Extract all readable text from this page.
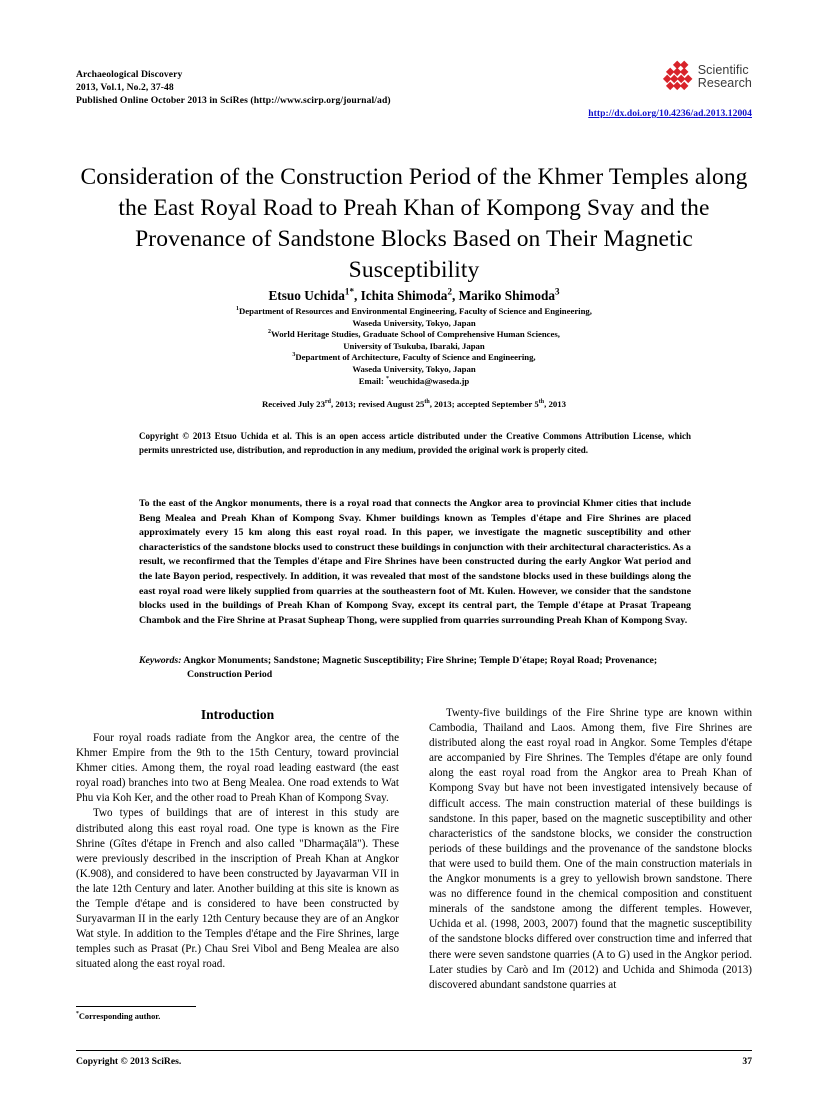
Archaeological Discovery
2013, Vol.1, No.2, 37-48
Published Online October 2013 in SciRes (http://www.scirp.org/journal/ad)
Scientific
Research
http://dx.doi.org/10.4236/ad.2013.12004
Consideration of the Construction Period of the Khmer Temples along the East Royal Road to Preah Khan of Kompong Svay and the Provenance of Sandstone Blocks Based on Their Magnetic Susceptibility
Etsuo Uchida$^{1*}$, Ichita Shimoda$^2$, Mariko Shimoda$^3$
$^1$Department of Resources and Environmental Engineering, Faculty of Science and Engineering,
Waseda University, Tokyo, Japan
$^2$World Heritage Studies, Graduate School of Comprehensive Human Sciences,
University of Tsukuba, Ibaraki, Japan
$^3$Department of Architecture, Faculty of Science and Engineering,
Waseda University, Tokyo, Japan
Email: *weuchida@waseda.jp
Received July 23rd, 2013; revised August 25th, 2013; accepted September 5th, 2013
Copyright © 2013 Etsuo Uchida et al. This is an open access article distributed under the Creative Commons Attribution License, which permits unrestricted use, distribution, and reproduction in any medium, provided the original work is properly cited.
To the east of the Angkor monuments, there is a royal road that connects the Angkor area to provincial Khmer cities that include Beng Mealea and Preah Khan of Kompong Svay. Khmer buildings known as Temples d'étape and Fire Shrines are placed approximately every 15 km along this east royal road. In this paper, we investigate the magnetic susceptibility and other characteristics of the sandstone blocks used to construct these buildings in conjunction with their architectural characteristics. As a result, we reconfirmed that the Temples d'étape and Fire Shrines have been constructed during the early Angkor Wat period and the late Bayon period, respectively. In addition, it was revealed that most of the sandstone blocks used in these buildings along the east royal road were likely supplied from quarries at the southeastern foot of Mt. Kulen. However, we consider that the sandstone blocks used in the buildings of Preah Khan of Kompong Svay, except its central part, the Temple d'étape at Prasat Trapeang Chambok and the Fire Shrine at Prasat Supheap Thong, were supplied from quarries surrounding Preah Khan of Kompong Svay.
Keywords: Angkor Monuments; Sandstone; Magnetic Susceptibility; Fire Shrine; Temple D'étape; Royal Road; Provenance; Construction Period
Introduction

Four royal roads radiate from the Angkor area, the centre of the Khmer Empire from the 9th to the 15th Century, toward provincial Khmer cities. Among them, the royal road leading eastward (the east royal road) branches into two at Beng Mealea. One road extends to Wat Phu via Koh Ker, and the other road to Preah Khan of Kompong Svay.

Two types of buildings that are of interest in this study are distributed along this east royal road. One type is known as the Fire Shrine (Gîtes d'étape in French and also called "Dharmaçālā"). These were previously described in the inscription of Preah Khan at Angkor (K.908), and considered to have been constructed by Jayavarman VII in the late 12th Century and later. Another building at this site is known as the Temple d'étape and is considered to have been constructed by Suryavarman II in the early 12th Century because they are of an Angkor Wat style. In addition to the Temples d'étape and the Fire Shrines, large temples such as Prasat (Pr.) Chau Srei Vibol and Beng Mealea are also situated along the east royal road.

Twenty-five buildings of the Fire Shrine type are known within Cambodia, Thailand and Laos. Among them, five Fire Shrines are distributed along the east royal road in Angkor. Some Temples d'étape are accompanied by Fire Shrines. The Temples d'étape are only found along the east royal road from the Angkor area to Preah Khan of Kompong Svay but have not been investigated intensively because of difficult access. The main construction material of these buildings is sandstone. In this paper, based on the magnetic susceptibility and other characteristics of the sandstone blocks, we consider the construction periods of these buildings and the provenance of the sandstone blocks that were used to build them. One of the main construction materials in the Angkor monuments is a grey to yellowish brown sandstone. There was no difference found in the chemical composition and constituent minerals of the sandstone among the different temples. However, Uchida et al. (1998, 2003, 2007) found that the magnetic susceptibility of the sandstone blocks differed over construction time and inferred that there were seven sandstone quarries (A to G) used in the Angkor period. Later studies by Carò and Im (2012) and Uchida and Shimoda (2013) discovered abundant sandstone quarries at

*Corresponding author.
Copyright © 2013 SciRes.	37
